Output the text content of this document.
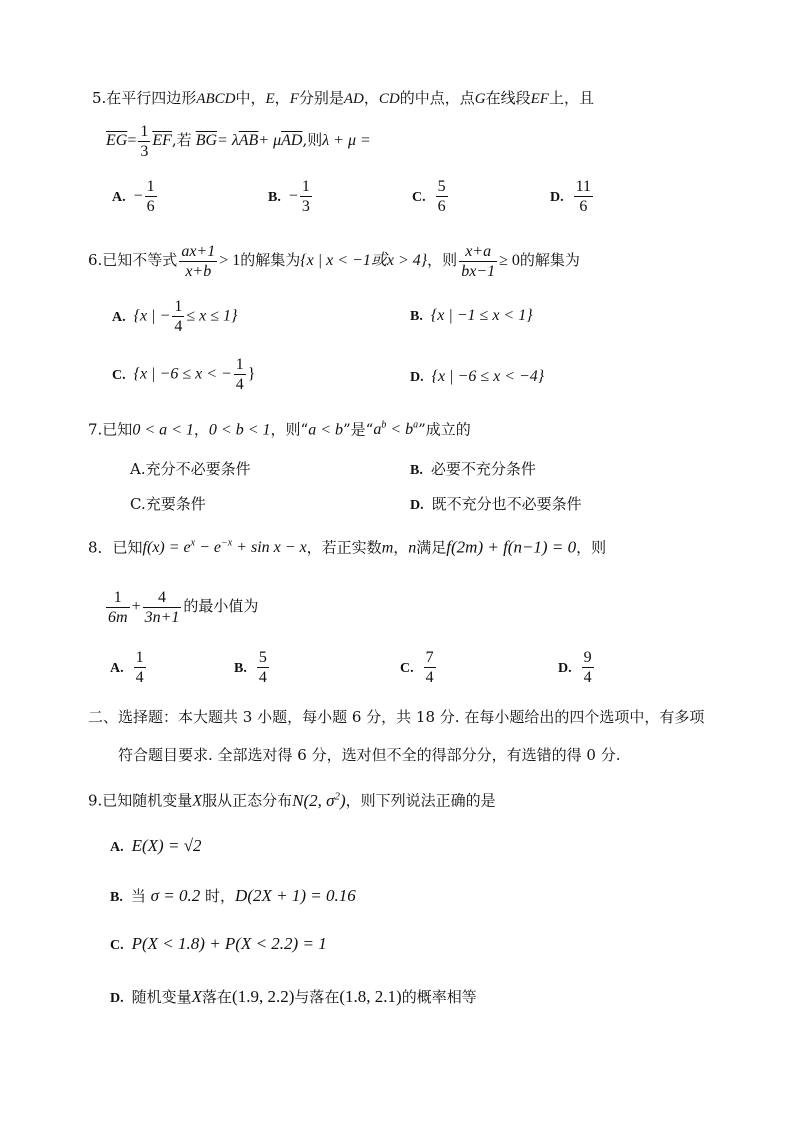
5.在平行四边形ABCD中，E，F分别是AD，CD的中点，点G在线段EF上，且
$\overline{EG}= \frac{1}{3} \overline{EF}$,若 $\overline{BG}= \lambda\overline{AB}+ \mu\overline{AD}$,则λ + μ =
A. − $\frac{1}{6}$	B. − $\frac{1}{3}$	C. $\frac{5}{6}$	D. $\frac{11}{6}$
6.已知不等式 $\frac{ax+1}{x+b} > 1$的解集为{x | x < −1或x > 4}，则 $\frac{x+a}{bx-1} \ge 0$的解集为
A. {x | − $\frac{1}{4} \le x \le 1$}	B. {x | −1 ≤ x < 1}
C. {x | −6 ≤ x < − $\frac{1}{4}$ }	D. {x | −6 ≤ x < −4}
7.已知0 < a < 1，0 < b < 1，则“a < b”是“$a^b < b^a$”成立的
A.充分不必要条件	B. 必要不充分条件
C.充要条件	D. 既不充分也不必要条件
8．已知$f(x) = e^x - e^{-x} + \sin x - x$，若正实数m，n满足f(2m) + f(n−1) = 0，则
$\frac{1}{6m} + \frac{4}{3n+1}$ 的最小值为
A. $\frac{1}{4}$	B. $\frac{5}{4}$	C. $\frac{7}{4}$	D. $\frac{9}{4}$
二、选择题：本大题共 3 小题，每小题 6 分，共 18 分. 在每小题给出的四个选项中，有多项
符合题目要求. 全部选对得 6 分，选对但不全的得部分分，有选错的得 0 分.
9.已知随机变量X服从正态分布N(2, $\sigma^2$)，则下列说法正确的是
A. E(X) = √2
B. 当 σ = 0.2 时，D(2X + 1) = 0.16
C. P(X < 1.8) + P(X < 2.2) = 1
D. 随机变量X落在(1.9, 2.2)与落在(1.8, 2.1)的概率相等
